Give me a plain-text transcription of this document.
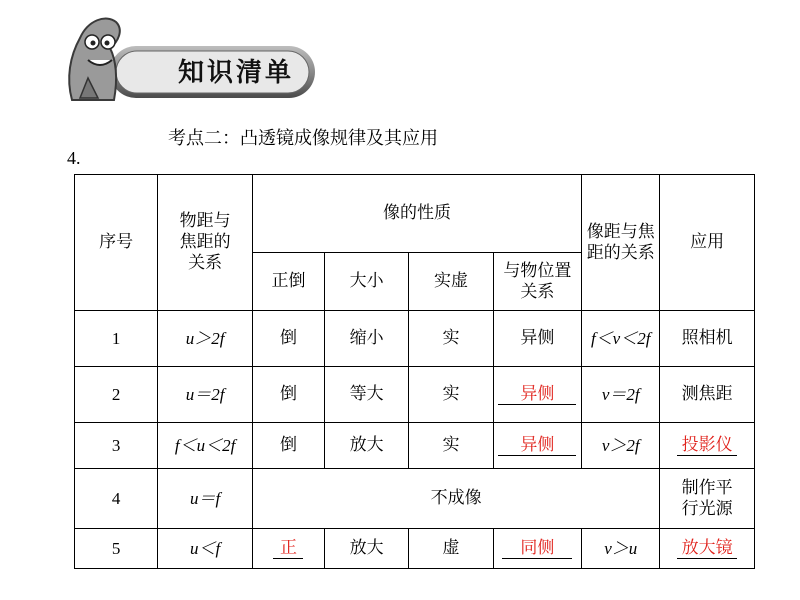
知识清单
考点二：凸透镜成像规律及其应用
4.
序号	物距与焦距的关系	像的性质				像距与焦距的关系	应用
		正倒	大小	实虚	与物位置关系		
1	u＞2f	倒	缩小	实	异侧	f＜v＜2f	照相机
2	u＝2f	倒	等大	实	异侧	v＝2f	测焦距
3	f＜u＜2f	倒	放大	实	异侧	v＞2f	投影仪
4	u＝f	不成像					制作平行光源
5	u＜f	正	放大	虚	同侧	v＞u	放大镜
